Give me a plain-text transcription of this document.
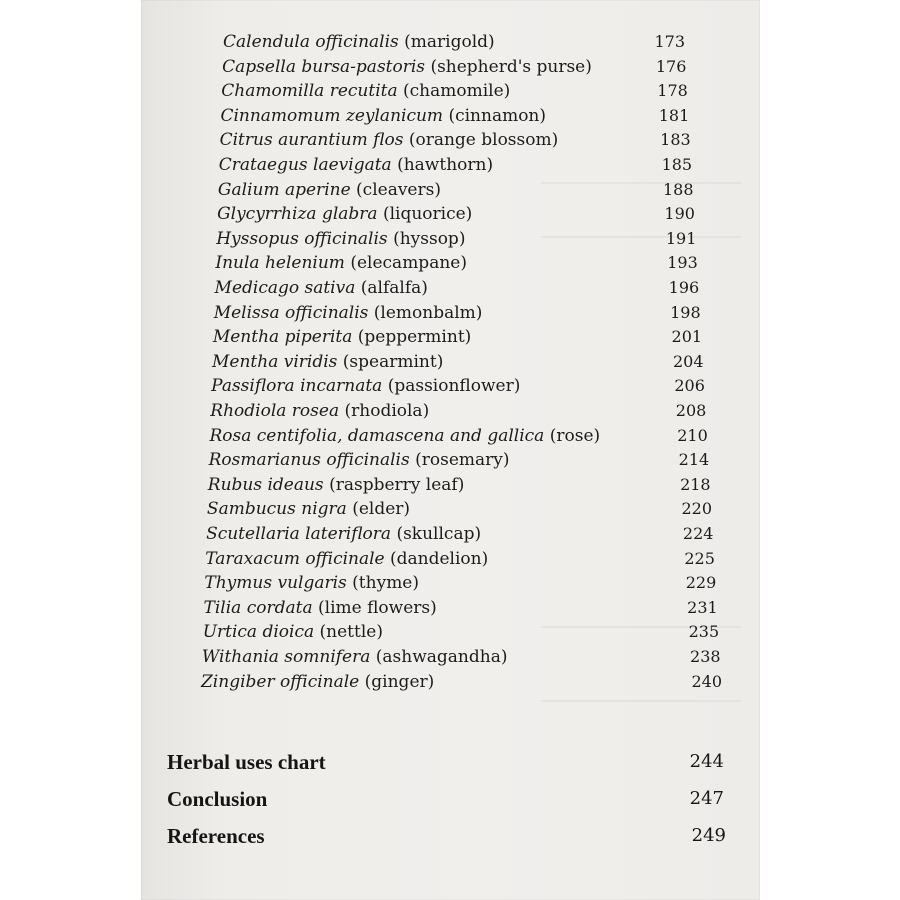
Calendula officinalis (marigold)	173
Capsella bursa-pastoris (shepherd's purse)	176
Chamomilla recutita (chamomile)	178
Cinnamomum zeylanicum (cinnamon)	181
Citrus aurantium flos (orange blossom)	183
Crataegus laevigata (hawthorn)	185
Galium aperine (cleavers)	188
Glycyrrhiza glabra (liquorice)	190
Hyssopus officinalis (hyssop)	191
Inula helenium (elecampane)	193
Medicago sativa (alfalfa)	196
Melissa officinalis (lemonbalm)	198
Mentha piperita (peppermint)	201
Mentha viridis (spearmint)	204
Passiflora incarnata (passionflower)	206
Rhodiola rosea (rhodiola)	208
Rosa centifolia, damascena and gallica (rose)	210
Rosmarianus officinalis (rosemary)	214
Rubus ideaus (raspberry leaf)	218
Sambucus nigra (elder)	220
Scutellaria lateriflora (skullcap)	224
Taraxacum officinale (dandelion)	225
Thymus vulgaris (thyme)	229
Tilia cordata (lime flowers)	231
Urtica dioica (nettle)	235
Withania somnifera (ashwagandha)	238
Zingiber officinale (ginger)	240
Herbal uses chart	244
Conclusion	247
References	249
